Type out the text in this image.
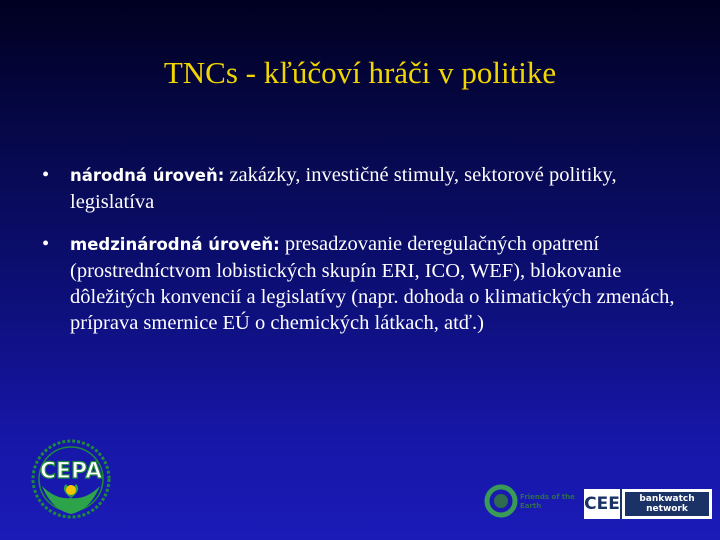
TNCs - kľúčoví hráči v politike
• národná úroveň: zakázky, investičné stimuly, sektorové politiky, legislatíva
• medzinárodná úroveň: presadzovanie deregulačných opatrení (prostredníctvom lobistických skupín ERI, ICO, WEF), blokovanie dôležitých konvencií a legislatívy (napr. dohoda o klimatických zmenách, príprava smernice EÚ o chemických látkach, atď.)
CEPA
Friends of the
Earth	CEE bankwatch
network
